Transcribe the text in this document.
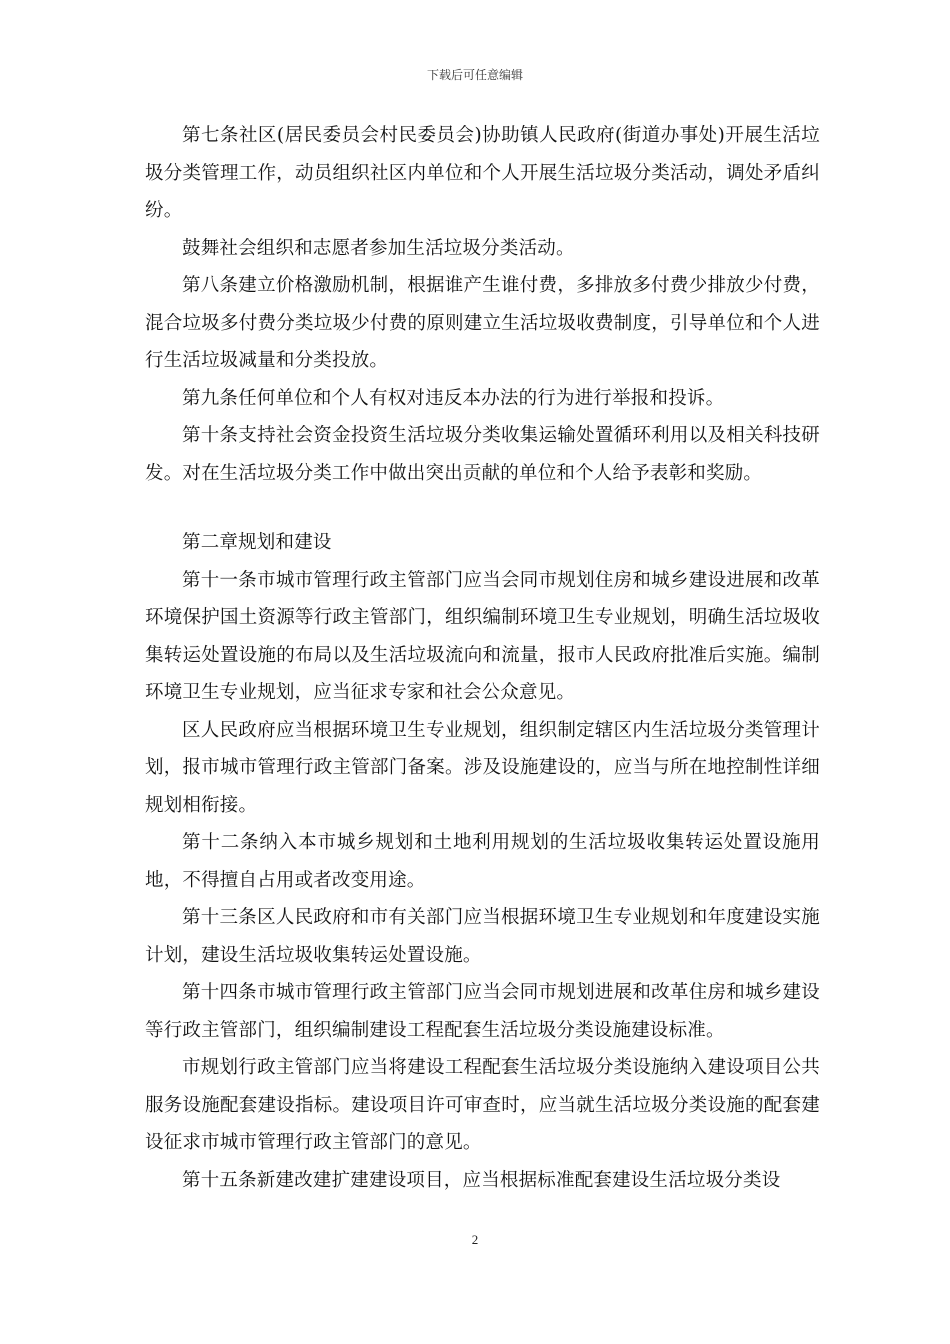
下载后可任意编辑

第七条社区(居民委员会村民委员会)协助镇人民政府(街道办事处)开展生活垃圾分类管理工作，动员组织社区内单位和个人开展生活垃圾分类活动，调处矛盾纠纷。

鼓舞社会组织和志愿者参加生活垃圾分类活动。

第八条建立价格激励机制，根据谁产生谁付费，多排放多付费少排放少付费，混合垃圾多付费分类垃圾少付费的原则建立生活垃圾收费制度，引导单位和个人进行生活垃圾减量和分类投放。

第九条任何单位和个人有权对违反本办法的行为进行举报和投诉。

第十条支持社会资金投资生活垃圾分类收集运输处置循环利用以及相关科技研发。对在生活垃圾分类工作中做出突出贡献的单位和个人给予表彰和奖励。

第二章规划和建设

第十一条市城市管理行政主管部门应当会同市规划住房和城乡建设进展和改革环境保护国土资源等行政主管部门，组织编制环境卫生专业规划，明确生活垃圾收集转运处置设施的布局以及生活垃圾流向和流量，报市人民政府批准后实施。编制环境卫生专业规划，应当征求专家和社会公众意见。

区人民政府应当根据环境卫生专业规划，组织制定辖区内生活垃圾分类管理计划，报市城市管理行政主管部门备案。涉及设施建设的，应当与所在地控制性详细规划相衔接。

第十二条纳入本市城乡规划和土地利用规划的生活垃圾收集转运处置设施用地，不得擅自占用或者改变用途。

第十三条区人民政府和市有关部门应当根据环境卫生专业规划和年度建设实施计划，建设生活垃圾收集转运处置设施。

第十四条市城市管理行政主管部门应当会同市规划进展和改革住房和城乡建设等行政主管部门，组织编制建设工程配套生活垃圾分类设施建设标准。

市规划行政主管部门应当将建设工程配套生活垃圾分类设施纳入建设项目公共服务设施配套建设指标。建设项目许可审查时，应当就生活垃圾分类设施的配套建设征求市城市管理行政主管部门的意见。

第十五条新建改建扩建建设项目，应当根据标准配套建设生活垃圾分类设

2
